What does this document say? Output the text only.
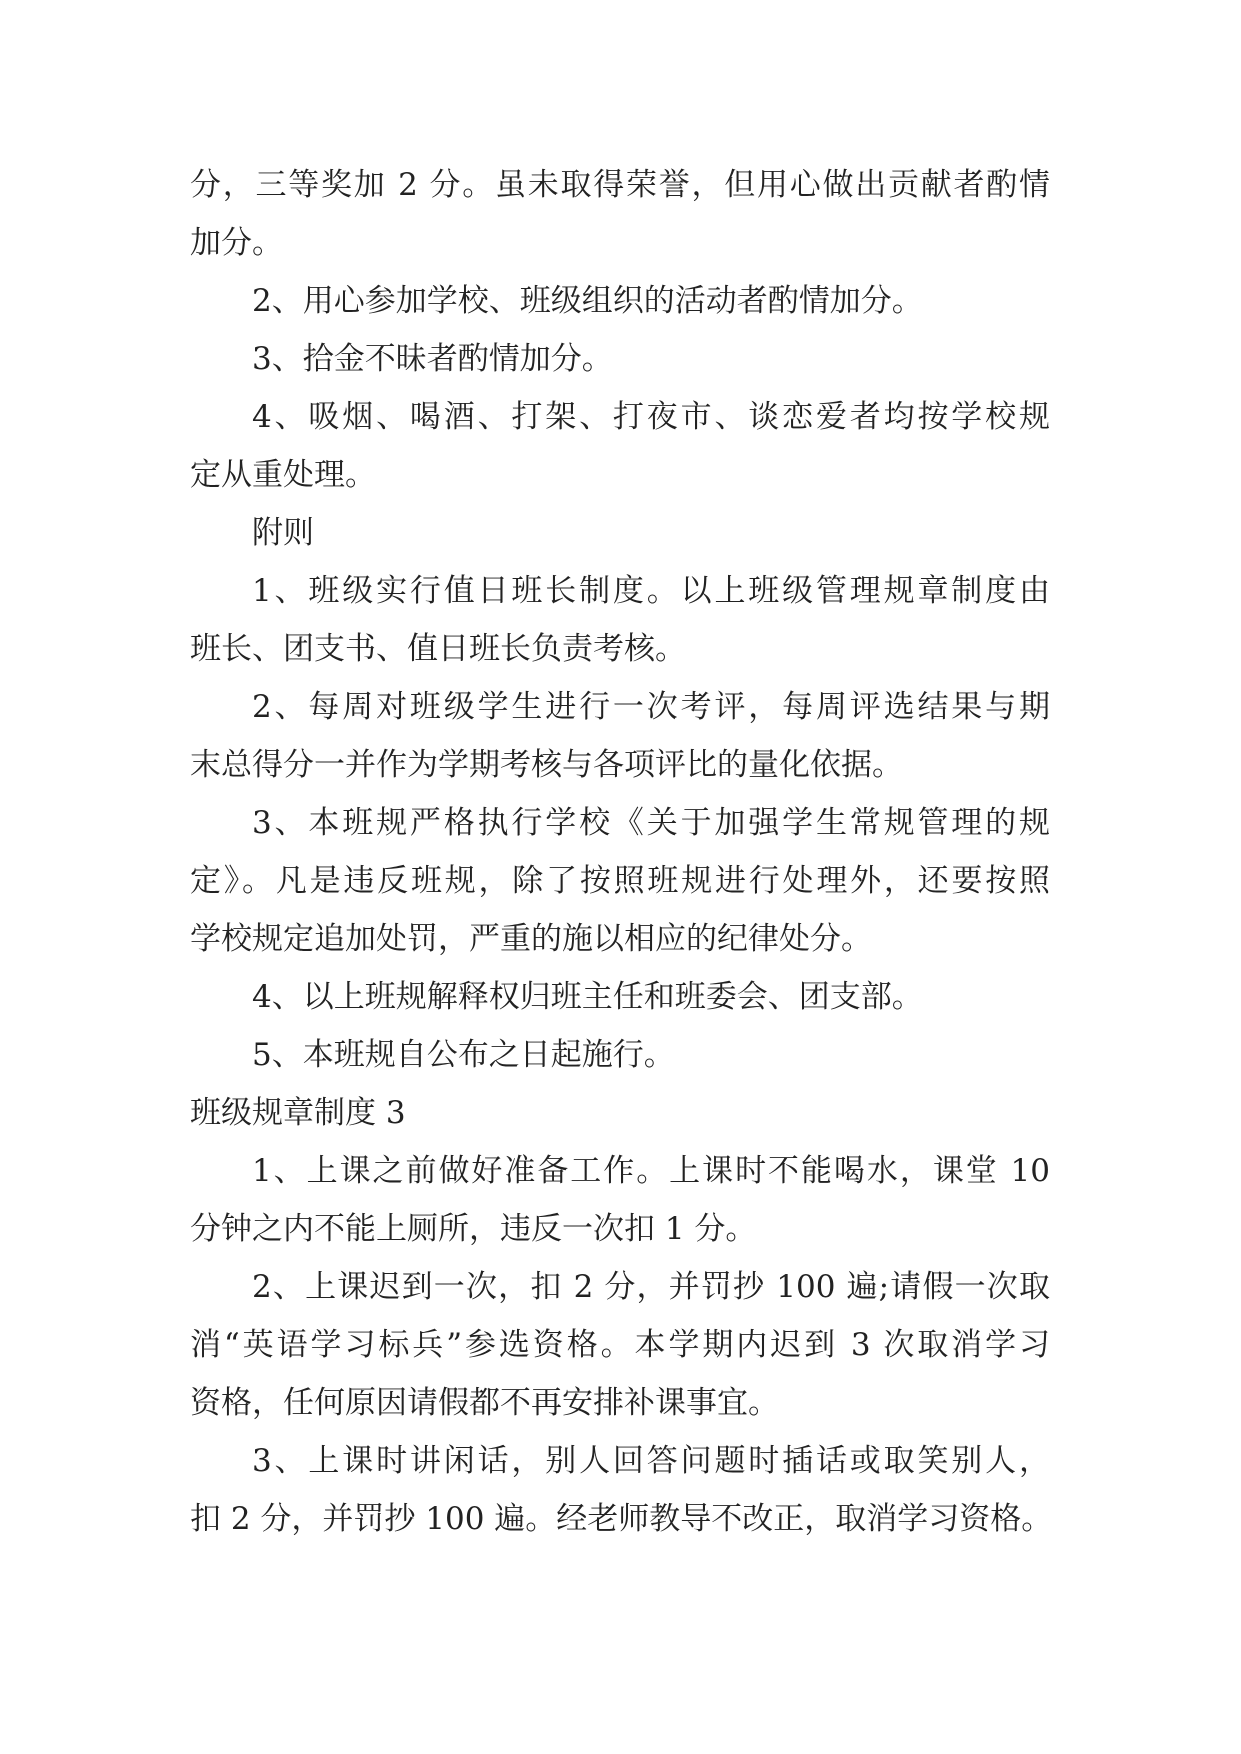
分，三等奖加 2 分。虽未取得荣誉，但用心做出贡献者酌情
加分。
2、用心参加学校、班级组织的活动者酌情加分。
3、拾金不昧者酌情加分。
4、吸烟、喝酒、打架、打夜市、谈恋爱者均按学校规
定从重处理。
附则
1、班级实行值日班长制度。以上班级管理规章制度由
班长、团支书、值日班长负责考核。
2、每周对班级学生进行一次考评，每周评选结果与期
末总得分一并作为学期考核与各项评比的量化依据。
3、本班规严格执行学校《关于加强学生常规管理的规
定》。凡是违反班规，除了按照班规进行处理外，还要按照
学校规定追加处罚，严重的施以相应的纪律处分。
4、以上班规解释权归班主任和班委会、团支部。
5、本班规自公布之日起施行。
班级规章制度 3
1、上课之前做好准备工作。上课时不能喝水，课堂 10
分钟之内不能上厕所，违反一次扣 1 分。
2、上课迟到一次，扣 2 分，并罚抄 100 遍;请假一次取
消“英语学习标兵”参选资格。本学期内迟到 3 次取消学习
资格，任何原因请假都不再安排补课事宜。
3、上课时讲闲话，别人回答问题时插话或取笑别人，
扣 2 分，并罚抄 100 遍。经老师教导不改正，取消学习资格。
